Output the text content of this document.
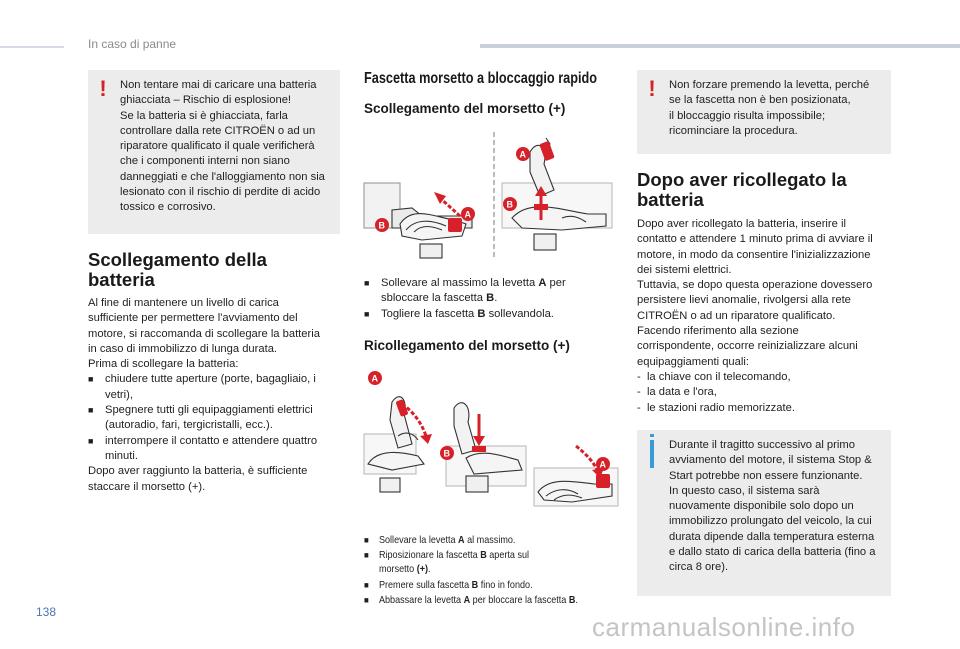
In caso di panne
! Non tentare mai di caricare una batteria
ghiacciata – Rischio di esplosione!
Se la batteria si è ghiacciata, farla
controllare dalla rete CITROËN o ad un
riparatore qualificato il quale verificherà
che i componenti interni non siano
danneggiati e che l'alloggiamento non sia
lesionato con il rischio di perdite di acido
tossico e corrosivo.
Scollegamento della
batteria
Al fine di mantenere un livello di carica
sufficiente per permettere l'avviamento del
motore, si raccomanda di scollegare la batteria
in caso di immobilizzo di lunga durata.
Prima di scollegare la batteria:
■ chiudere tutte aperture (porte, bagagliaio, i
vetri),
■ Spegnere tutti gli equipaggiamenti elettrici
(autoradio, fari, tergicristalli, ecc.).
■ interrompere il contatto e attendere quattro
minuti.
Dopo aver raggiunto la batteria, è sufficiente
staccare il morsetto (+).
Fascetta morsetto a bloccaggio rapido
Scollegamento del morsetto (+)
B
A
A
B
■ Sollevare al massimo la levetta A per
sbloccare la fascetta B.
■ Togliere la fascetta B sollevandola.
Ricollegamento del morsetto (+)
A
B
A
■ Sollevare la levetta A al massimo.
■ Riposizionare la fascetta B aperta sul
morsetto (+).
■ Premere sulla fascetta B fino in fondo.
■ Abbassare la levetta A per bloccare la fascetta B.
! Non forzare premendo la levetta, perché
se la fascetta non è ben posizionata,
il bloccaggio risulta impossibile;
ricominciare la procedura.
Dopo aver ricollegato la
batteria
Dopo aver ricollegato la batteria, inserire il
contatto e attendere 1 minuto prima di avviare il
motore, in modo da consentire l'inizializzazione
dei sistemi elettrici.
Tuttavia, se dopo questa operazione dovessero
persistere lievi anomalie, rivolgersi alla rete
CITROËN o ad un riparatore qualificato.
Facendo riferimento alla sezione
corrispondente, occorre reinizializzare alcuni
equipaggiamenti quali:
-  la chiave con il telecomando,
-  la data e l'ora,
-  le stazioni radio memorizzate.
Durante il tragitto successivo al primo
avviamento del motore, il sistema Stop &
Start potrebbe non essere funzionante.
In questo caso, il sistema sarà
nuovamente disponibile solo dopo un
immobilizzo prolungato del veicolo, la cui
durata dipende dalla temperatura esterna
e dallo stato di carica della batteria (fino a
circa 8 ore).
138	carmanualsonline.info
